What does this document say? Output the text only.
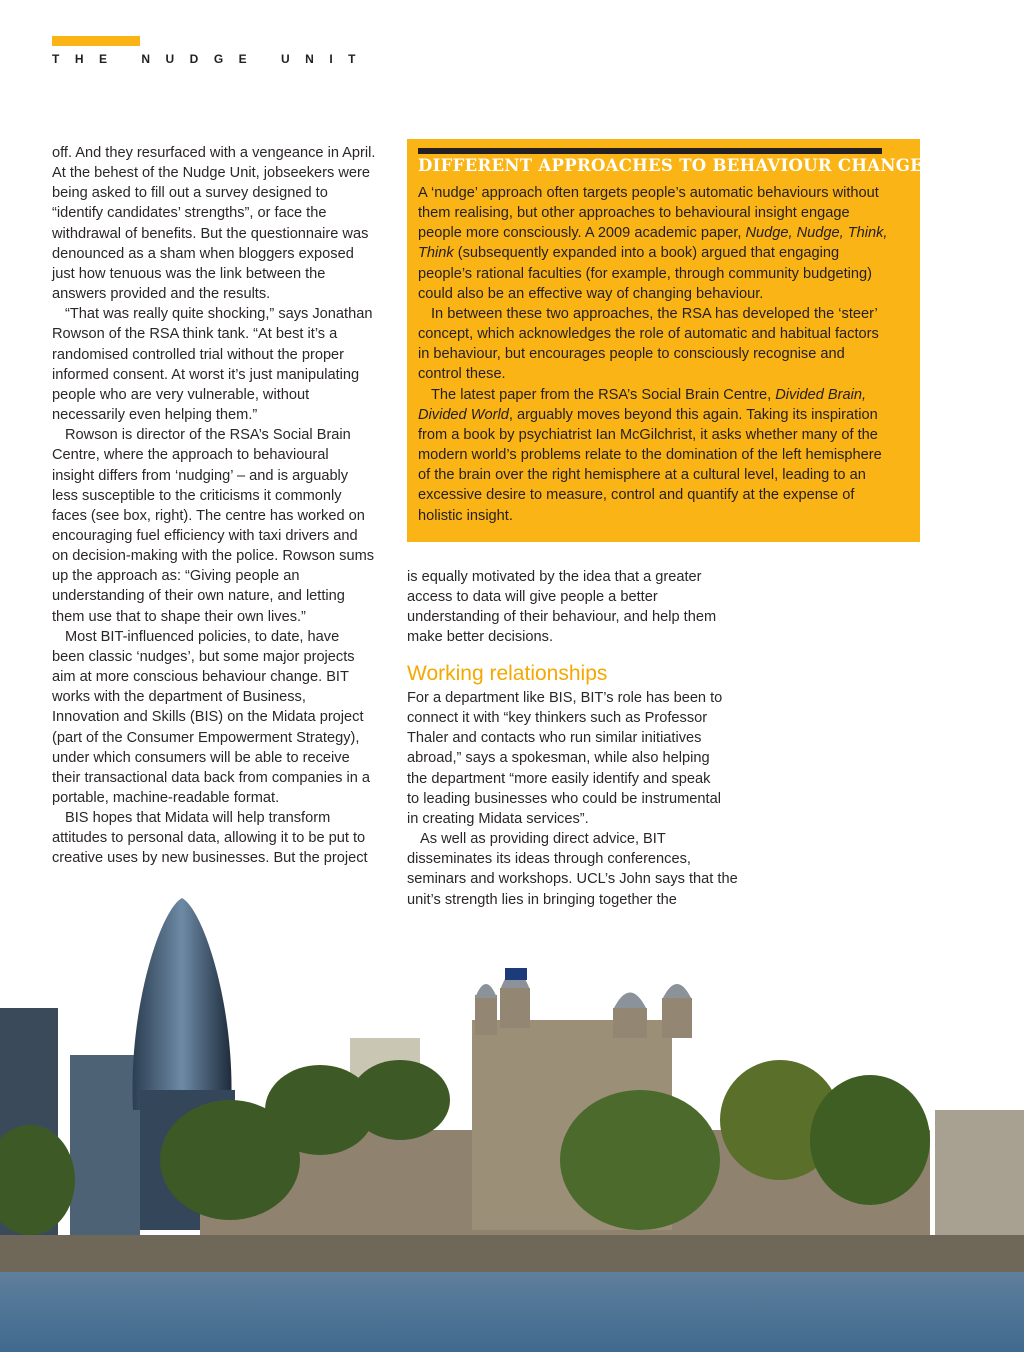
THE NUDGE UNIT
off. And they resurfaced with a vengeance in April.
At the behest of the Nudge Unit, jobseekers were
being asked to fill out a survey designed to
“identify candidates’ strengths”, or face the
withdrawal of benefits. But the questionnaire was
denounced as a sham when bloggers exposed
just how tenuous was the link between the
answers provided and the results.
“That was really quite shocking,” says Jonathan
Rowson of the RSA think tank. “At best it’s a
randomised controlled trial without the proper
informed consent. At worst it’s just manipulating
people who are very vulnerable, without
necessarily even helping them.”
Rowson is director of the RSA’s Social Brain
Centre, where the approach to behavioural
insight differs from ‘nudging’ – and is arguably
less susceptible to the criticisms it commonly
faces (see box, right). The centre has worked on
encouraging fuel efficiency with taxi drivers and
on decision-making with the police. Rowson sums
up the approach as: “Giving people an
understanding of their own nature, and letting
them use that to shape their own lives.”
Most BIT-influenced policies, to date, have
been classic ‘nudges’, but some major projects
aim at more conscious behaviour change. BIT
works with the department of Business,
Innovation and Skills (BIS) on the Midata project
(part of the Consumer Empowerment Strategy),
under which consumers will be able to receive
their transactional data back from companies in a
portable, machine-readable format.
BIS hopes that Midata will help transform
attitudes to personal data, allowing it to be put to
creative uses by new businesses. But the project
DIFFERENT APPROACHES TO BEHAVIOUR CHANGE
A ‘nudge’ approach often targets people’s automatic behaviours without
them realising, but other approaches to behavioural insight engage
people more consciously. A 2009 academic paper, Nudge, Nudge, Think,
Think (subsequently expanded into a book) argued that engaging
people’s rational faculties (for example, through community budgeting)
could also be an effective way of changing behaviour.
In between these two approaches, the RSA has developed the ‘steer’
concept, which acknowledges the role of automatic and habitual factors
in behaviour, but encourages people to consciously recognise and
control these.
The latest paper from the RSA’s Social Brain Centre, Divided Brain,
Divided World, arguably moves beyond this again. Taking its inspiration
from a book by psychiatrist Ian McGilchrist, it asks whether many of the
modern world’s problems relate to the domination of the left hemisphere
of the brain over the right hemisphere at a cultural level, leading to an
excessive desire to measure, control and quantify at the expense of
holistic insight.
is equally motivated by the idea that a greater
access to data will give people a better
understanding of their behaviour, and help them
make better decisions.
Working relationships
For a department like BIS, BIT’s role has been to
connect it with “key thinkers such as Professor
Thaler and contacts who run similar initiatives
abroad,” says a spokesman, while also helping
the department “more easily identify and speak
to leading businesses who could be instrumental
in creating Midata services”.
As well as providing direct advice, BIT
disseminates its ideas through conferences,
seminars and workshops. UCL’s John says that the
unit’s strength lies in bringing together the
